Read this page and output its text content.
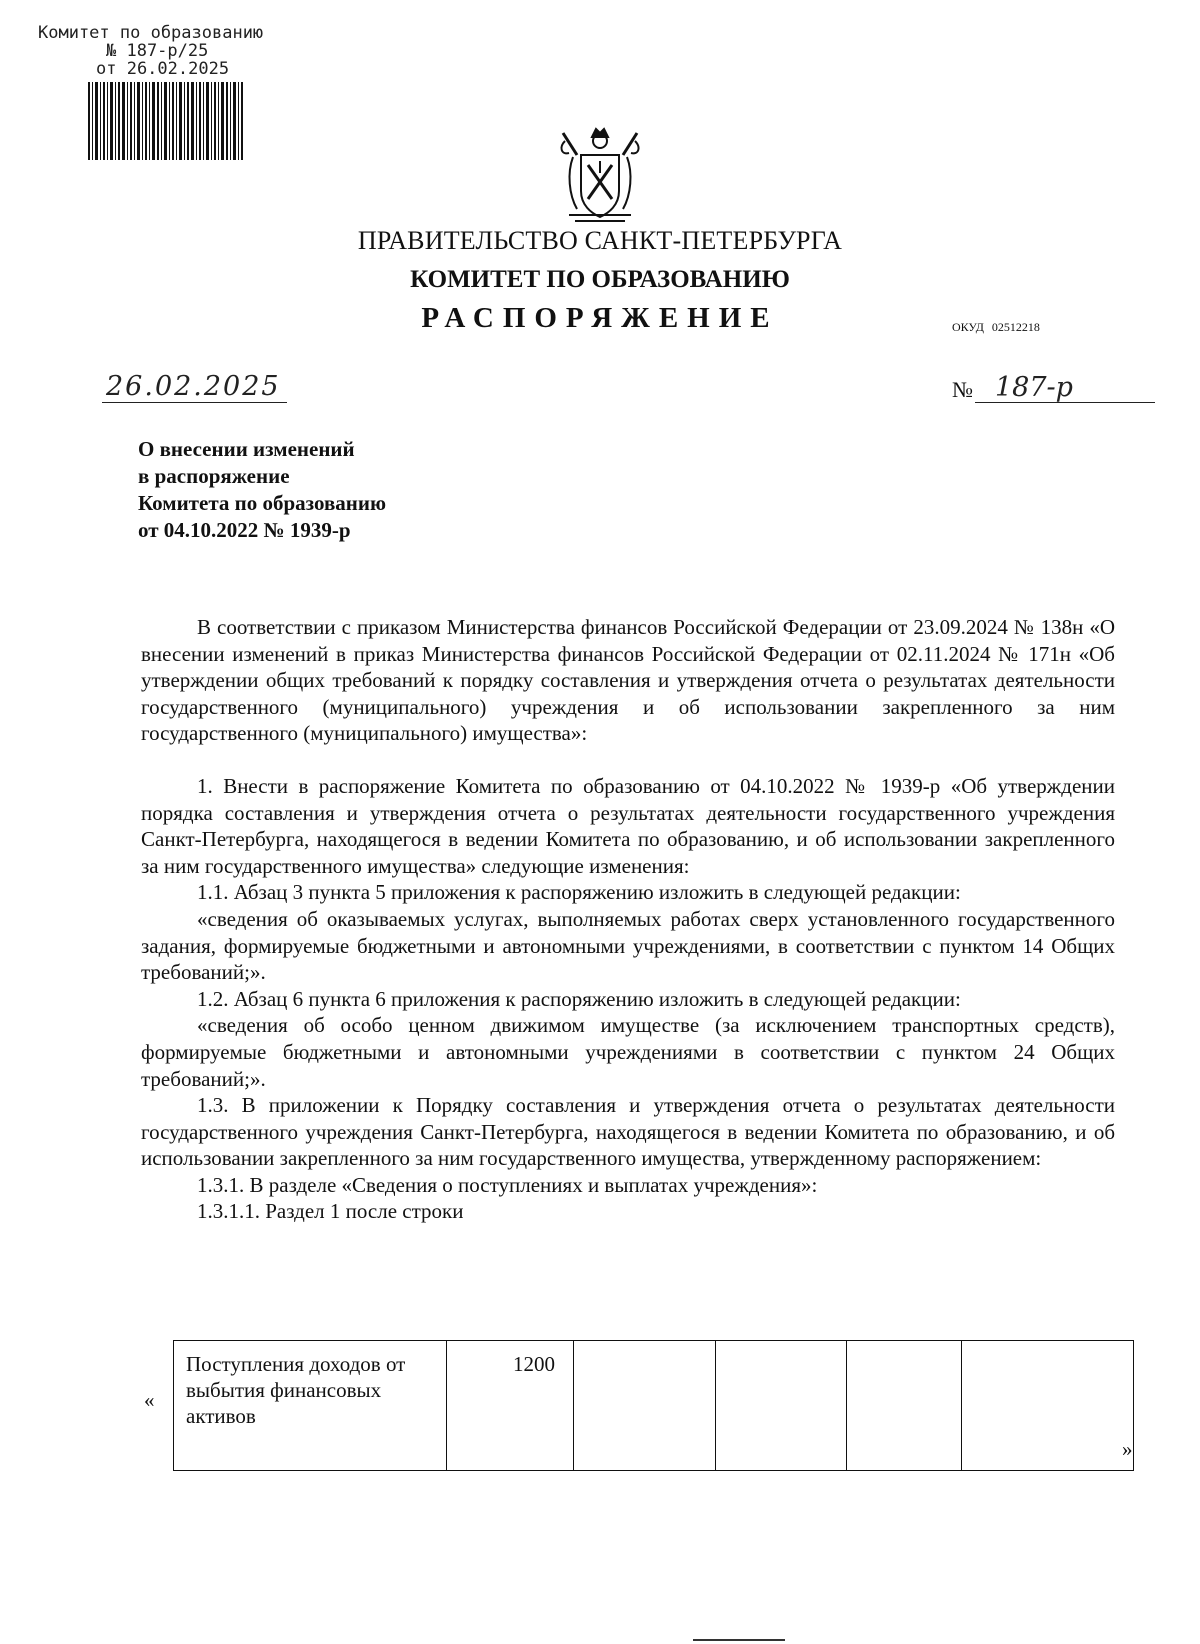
Комитет по образованию
№ 187-р/25
от 26.02.2025
ПРАВИТЕЛЬСТВО САНКТ-ПЕТЕРБУРГА
КОМИТЕТ ПО ОБРАЗОВАНИЮ
РАСПОРЯЖЕНИЕ	ОКУД 02512218
26.02.2025	№ 187-р
О внесении изменений
в распоряжение
Комитета по образованию
от 04.10.2022 № 1939-р

В соответствии с приказом Министерства финансов Российской Федерации от 23.09.2024 № 138н «О внесении изменений в приказ Министерства финансов Российской Федерации от 02.11.2024 № 171н «Об утверждении общих требований к порядку составления и утверждения отчета о результатах деятельности государственного (муниципального) учреждения и об использовании закрепленного за ним государственного (муниципального) имущества»:

1. Внести в распоряжение Комитета по образованию от 04.10.2022 № 1939-р «Об утверждении порядка составления и утверждения отчета о результатах деятельности государственного учреждения Санкт-Петербурга, находящегося в ведении Комитета по образованию, и об использовании закрепленного за ним государственного имущества» следующие изменения:

1.1. Абзац 3 пункта 5 приложения к распоряжению изложить в следующей редакции:

«сведения об оказываемых услугах, выполняемых работах сверх установленного государственного задания, формируемые бюджетными и автономными учреждениями, в соответствии с пунктом 14 Общих требований;».

1.2. Абзац 6 пункта 6 приложения к распоряжению изложить в следующей редакции:

«сведения об особо ценном движимом имуществе (за исключением транспортных средств), формируемые бюджетными и автономными учреждениями в соответствии с пунктом 24 Общих требований;».

1.3. В приложении к Порядку составления и утверждения отчета о результатах деятельности государственного учреждения Санкт-Петербурга, находящегося в ведении Комитета по образованию, и об использовании закрепленного за ним государственного имущества, утвержденному распоряжением:

1.3.1. В разделе «Сведения о поступлениях и выплатах учреждения»:

1.3.1.1. Раздел 1 после строки

«
Поступления доходов от выбытия финансовых активов	1200				
»
